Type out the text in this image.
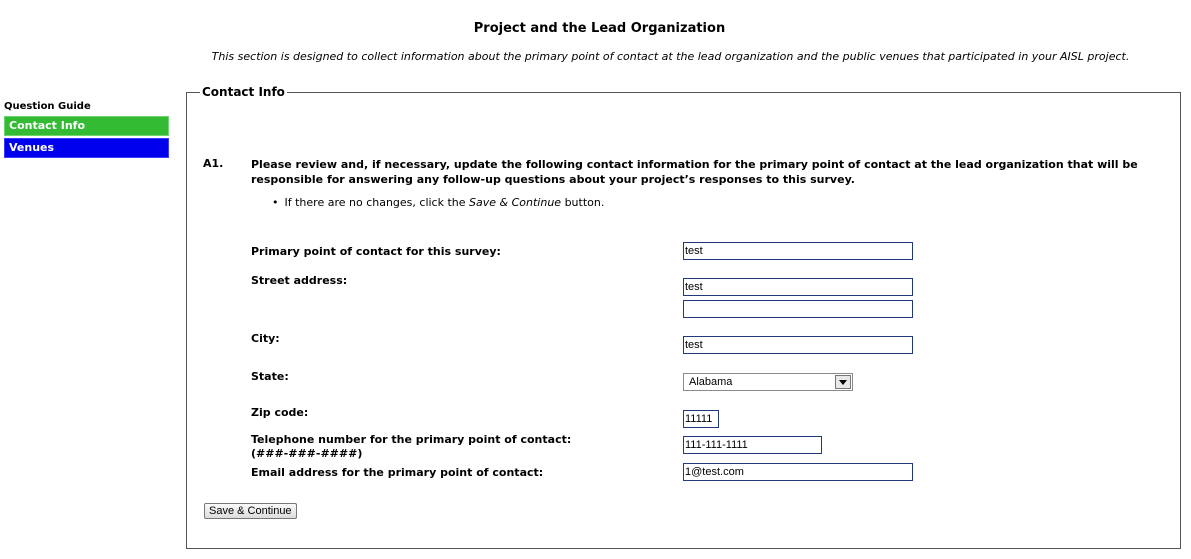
Project and the Lead Organization
This section is designed to collect information about the primary point of contact at the lead organization and the public venues that participated in your AISL project.
Question Guide
Contact Info
Venues
Contact Info
A1.	Please review and, if necessary, update the following contact information for the primary point of contact at the lead organization that will be responsible for answering any follow-up questions about your project’s responses to this survey.
• If there are no changes, click the Save & Continue button.
Primary point of contact for this survey:	test
Street address:	test
City:	test
State:	Alabama
Zip code:	11111
Telephone number for the primary point of contact:
(###-###-####)
111-111-1111
Email address for the primary point of contact:	1@test.com
Save & Continue
